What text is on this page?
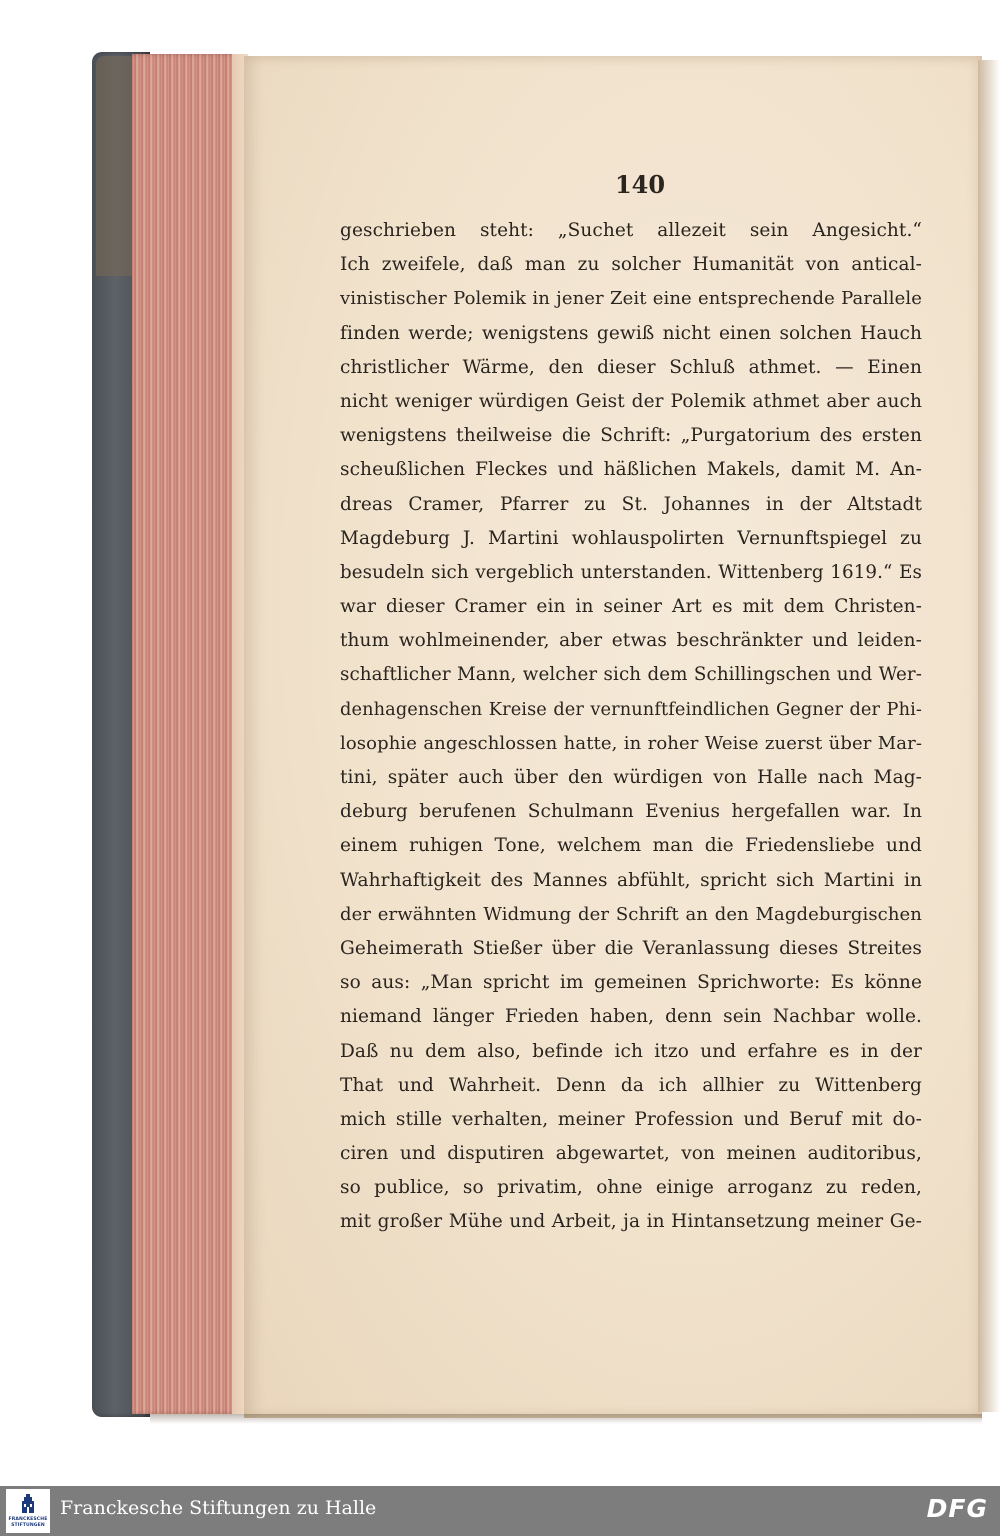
140
geschrieben steht: „Suchet allezeit sein Angesicht.“
Ich zweifele, daß man zu solcher Humanität von antical-
vinistischer Polemik in jener Zeit eine entsprechende Parallele
finden werde; wenigstens gewiß nicht einen solchen Hauch
christlicher Wärme, den dieser Schluß athmet. — Einen
nicht weniger würdigen Geist der Polemik athmet aber auch
wenigstens theilweise die Schrift: „Purgatorium des ersten
scheußlichen Fleckes und häßlichen Makels, damit M. An-
dreas Cramer, Pfarrer zu St. Johannes in der Altstadt
Magdeburg J. Martini wohlauspolirten Vernunftspiegel zu
besudeln sich vergeblich unterstanden. Wittenberg 1619.“ Es
war dieser Cramer ein in seiner Art es mit dem Christen-
thum wohlmeinender, aber etwas beschränkter und leiden-
schaftlicher Mann, welcher sich dem Schillingschen und Wer-
denhagenschen Kreise der vernunftfeindlichen Gegner der Phi-
losophie angeschlossen hatte, in roher Weise zuerst über Mar-
tini, später auch über den würdigen von Halle nach Mag-
deburg berufenen Schulmann Evenius hergefallen war. In
einem ruhigen Tone, welchem man die Friedensliebe und
Wahrhaftigkeit des Mannes abfühlt, spricht sich Martini in
der erwähnten Widmung der Schrift an den Magdeburgischen
Geheimerath Stießer über die Veranlassung dieses Streites
so aus: „Man spricht im gemeinen Sprichworte: Es könne
niemand länger Frieden haben, denn sein Nachbar wolle.
Daß nu dem also, befinde ich itzo und erfahre es in der
That und Wahrheit. Denn da ich allhier zu Wittenberg
mich stille verhalten, meiner Profession und Beruf mit do-
ciren und disputiren abgewartet, von meinen auditoribus,
so publice, so privatim, ohne einige arroganz zu reden,
mit großer Mühe und Arbeit, ja in Hintansetzung meiner Ge-
FRANCKESCHE
STIFTUNGEN
Franckesche Stiftungen zu Halle	DFG
